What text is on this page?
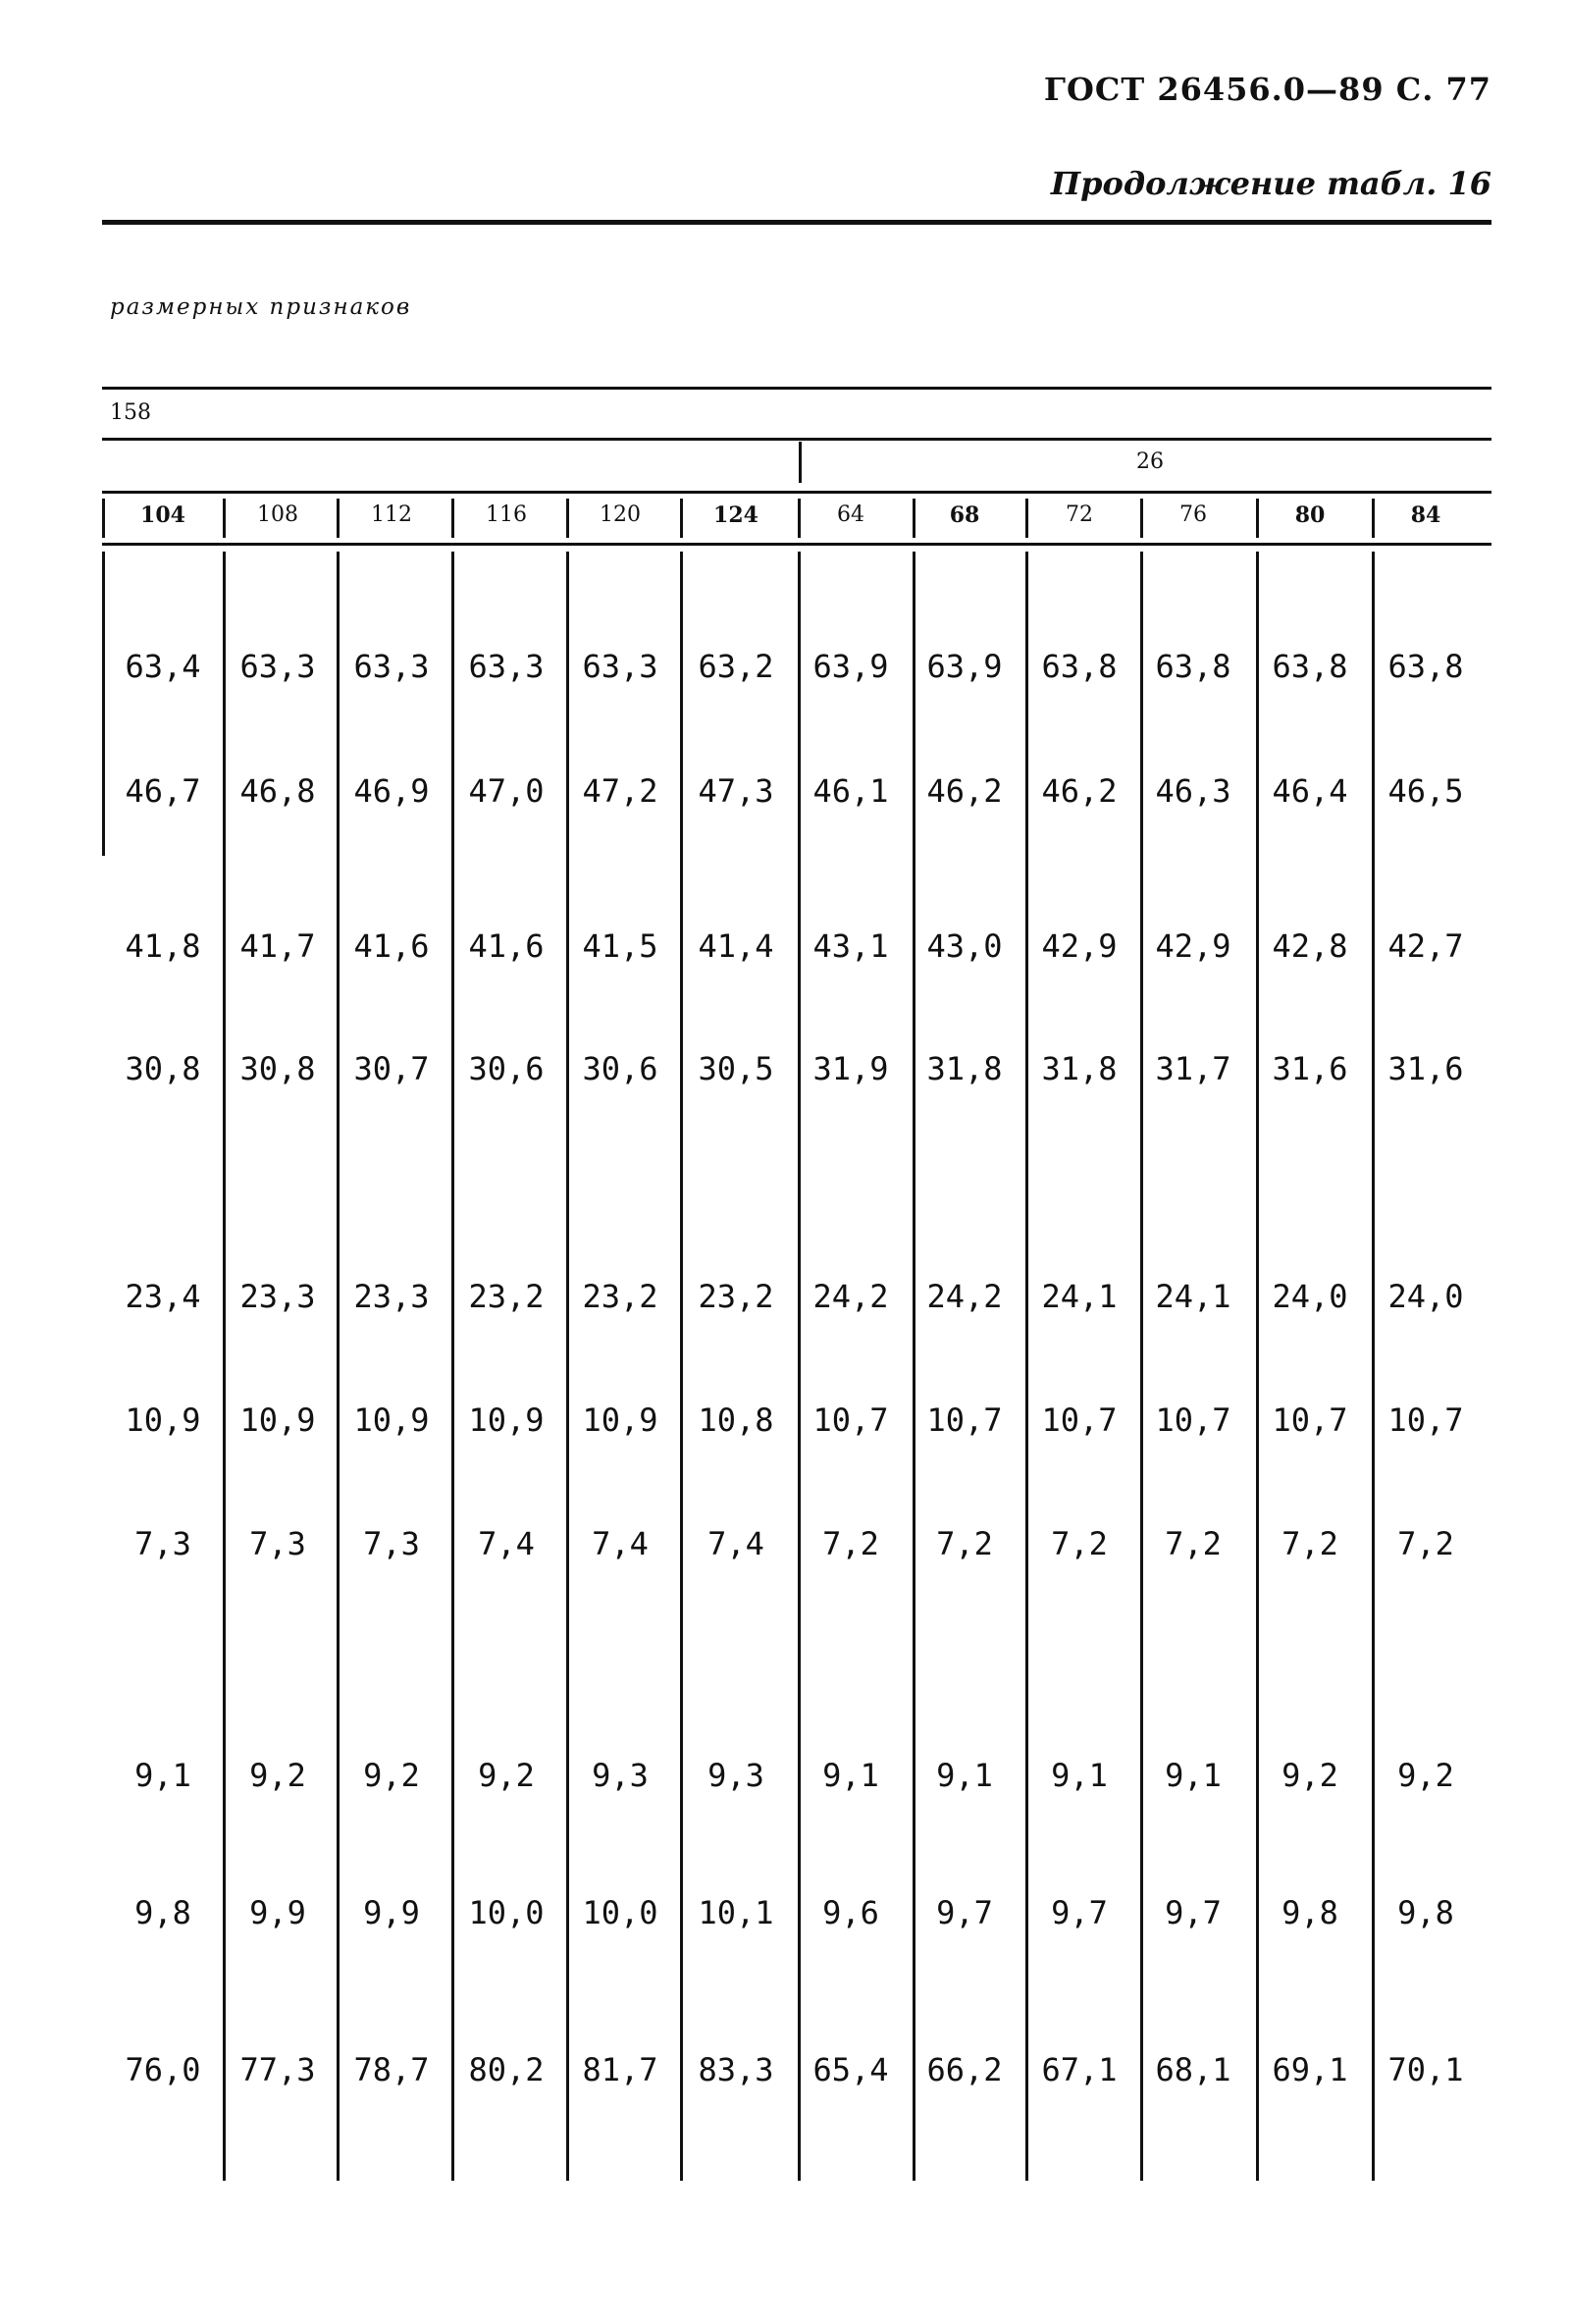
ГОСТ 26456.0—89 С. 77
Продолжение табл. 16
размерных признаков
158
26
104	108	112	116	120	124	64	68	72	76	80	84
63,4	63,3	63,3	63,3	63,3	63,2	63,9	63,9	63,8	63,8	63,8	63,8
46,7	46,8	46,9	47,0	47,2	47,3	46,1	46,2	46,2	46,3	46,4	46,5
41,8	41,7	41,6	41,6	41,5	41,4	43,1	43,0	42,9	42,9	42,8	42,7
30,8	30,8	30,7	30,6	30,6	30,5	31,9	31,8	31,8	31,7	31,6	31,6
23,4	23,3	23,3	23,2	23,2	23,2	24,2	24,2	24,1	24,1	24,0	24,0
10,9	10,9	10,9	10,9	10,9	10,8	10,7	10,7	10,7	10,7	10,7	10,7
7,3	7,3	7,3	7,4	7,4	7,4	7,2	7,2	7,2	7,2	7,2	7,2
9,1	9,2	9,2	9,2	9,3	9,3	9,1	9,1	9,1	9,1	9,2	9,2
9,8	9,9	9,9	10,0	10,0	10,1	9,6	9,7	9,7	9,7	9,8	9,8
76,0	77,3	78,7	80,2	81,7	83,3	65,4	66,2	67,1	68,1	69,1	70,1
